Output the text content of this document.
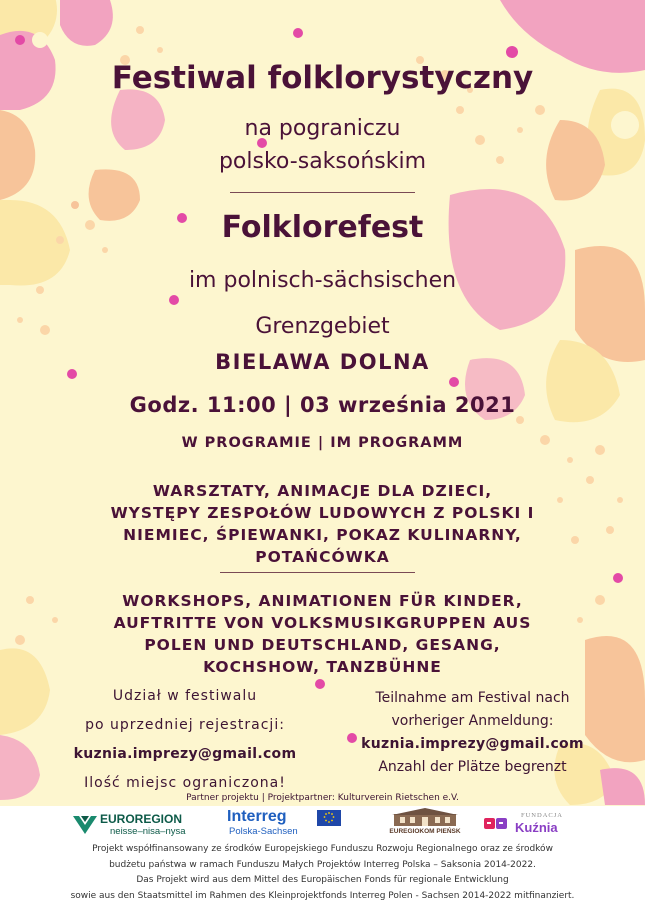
Festiwal folklorystyczny
na pograniczu
polsko-saksońskim
Folklorefest
im polnisch-sächsischen
Grenzgebiet
BIELAWA DOLNA
Godz. 11:00 | 03 września 2021
W PROGRAMIE | IM PROGRAMM
WARSZTATY, ANIMACJE DLA DZIECI,
WYSTĘPY ZESPOŁÓW LUDOWYCH Z POLSKI I
NIEMIEC, ŚPIEWANKI, POKAZ KULINARNY,
POTAŃCÓWKA
WORKSHOPS, ANIMATIONEN FÜR KINDER,
AUFTRITTE VON VOLKSMUSIKGRUPPEN AUS
POLEN UND DEUTSCHLAND, GESANG,
KOCHSHOW, TANZBÜHNE
Udział w festiwalu
po uprzedniej rejestracji:
kuznia.imprezy@gmail.com
Ilość miejsc ograniczona!
Teilnahme am Festival nach
vorheriger Anmeldung:
kuznia.imprezy@gmail.com
Anzahl der Plätze begrenzt
Partner projektu | Projektpartner: Kulturverein Rietschen e.V.
EUROREGION
neisse–nisa–nysa
Interreg
Polska-Sachsen	EUREGIOKOM PIEŃSK
FUNDACJA
Kuźnia
Projekt współfinansowany ze środków Europejskiego Funduszu Rozwoju Regionalnego oraz ze środków
budżetu państwa w ramach Funduszu Małych Projektów Interreg Polska – Saksonia 2014-2022.
Das Projekt wird aus dem Mittel des Europäischen Fonds für regionale Entwicklung
sowie aus den Staatsmittel im Rahmen des Kleinprojektfonds Interreg Polen - Sachsen 2014-2022 mitfinanziert.
